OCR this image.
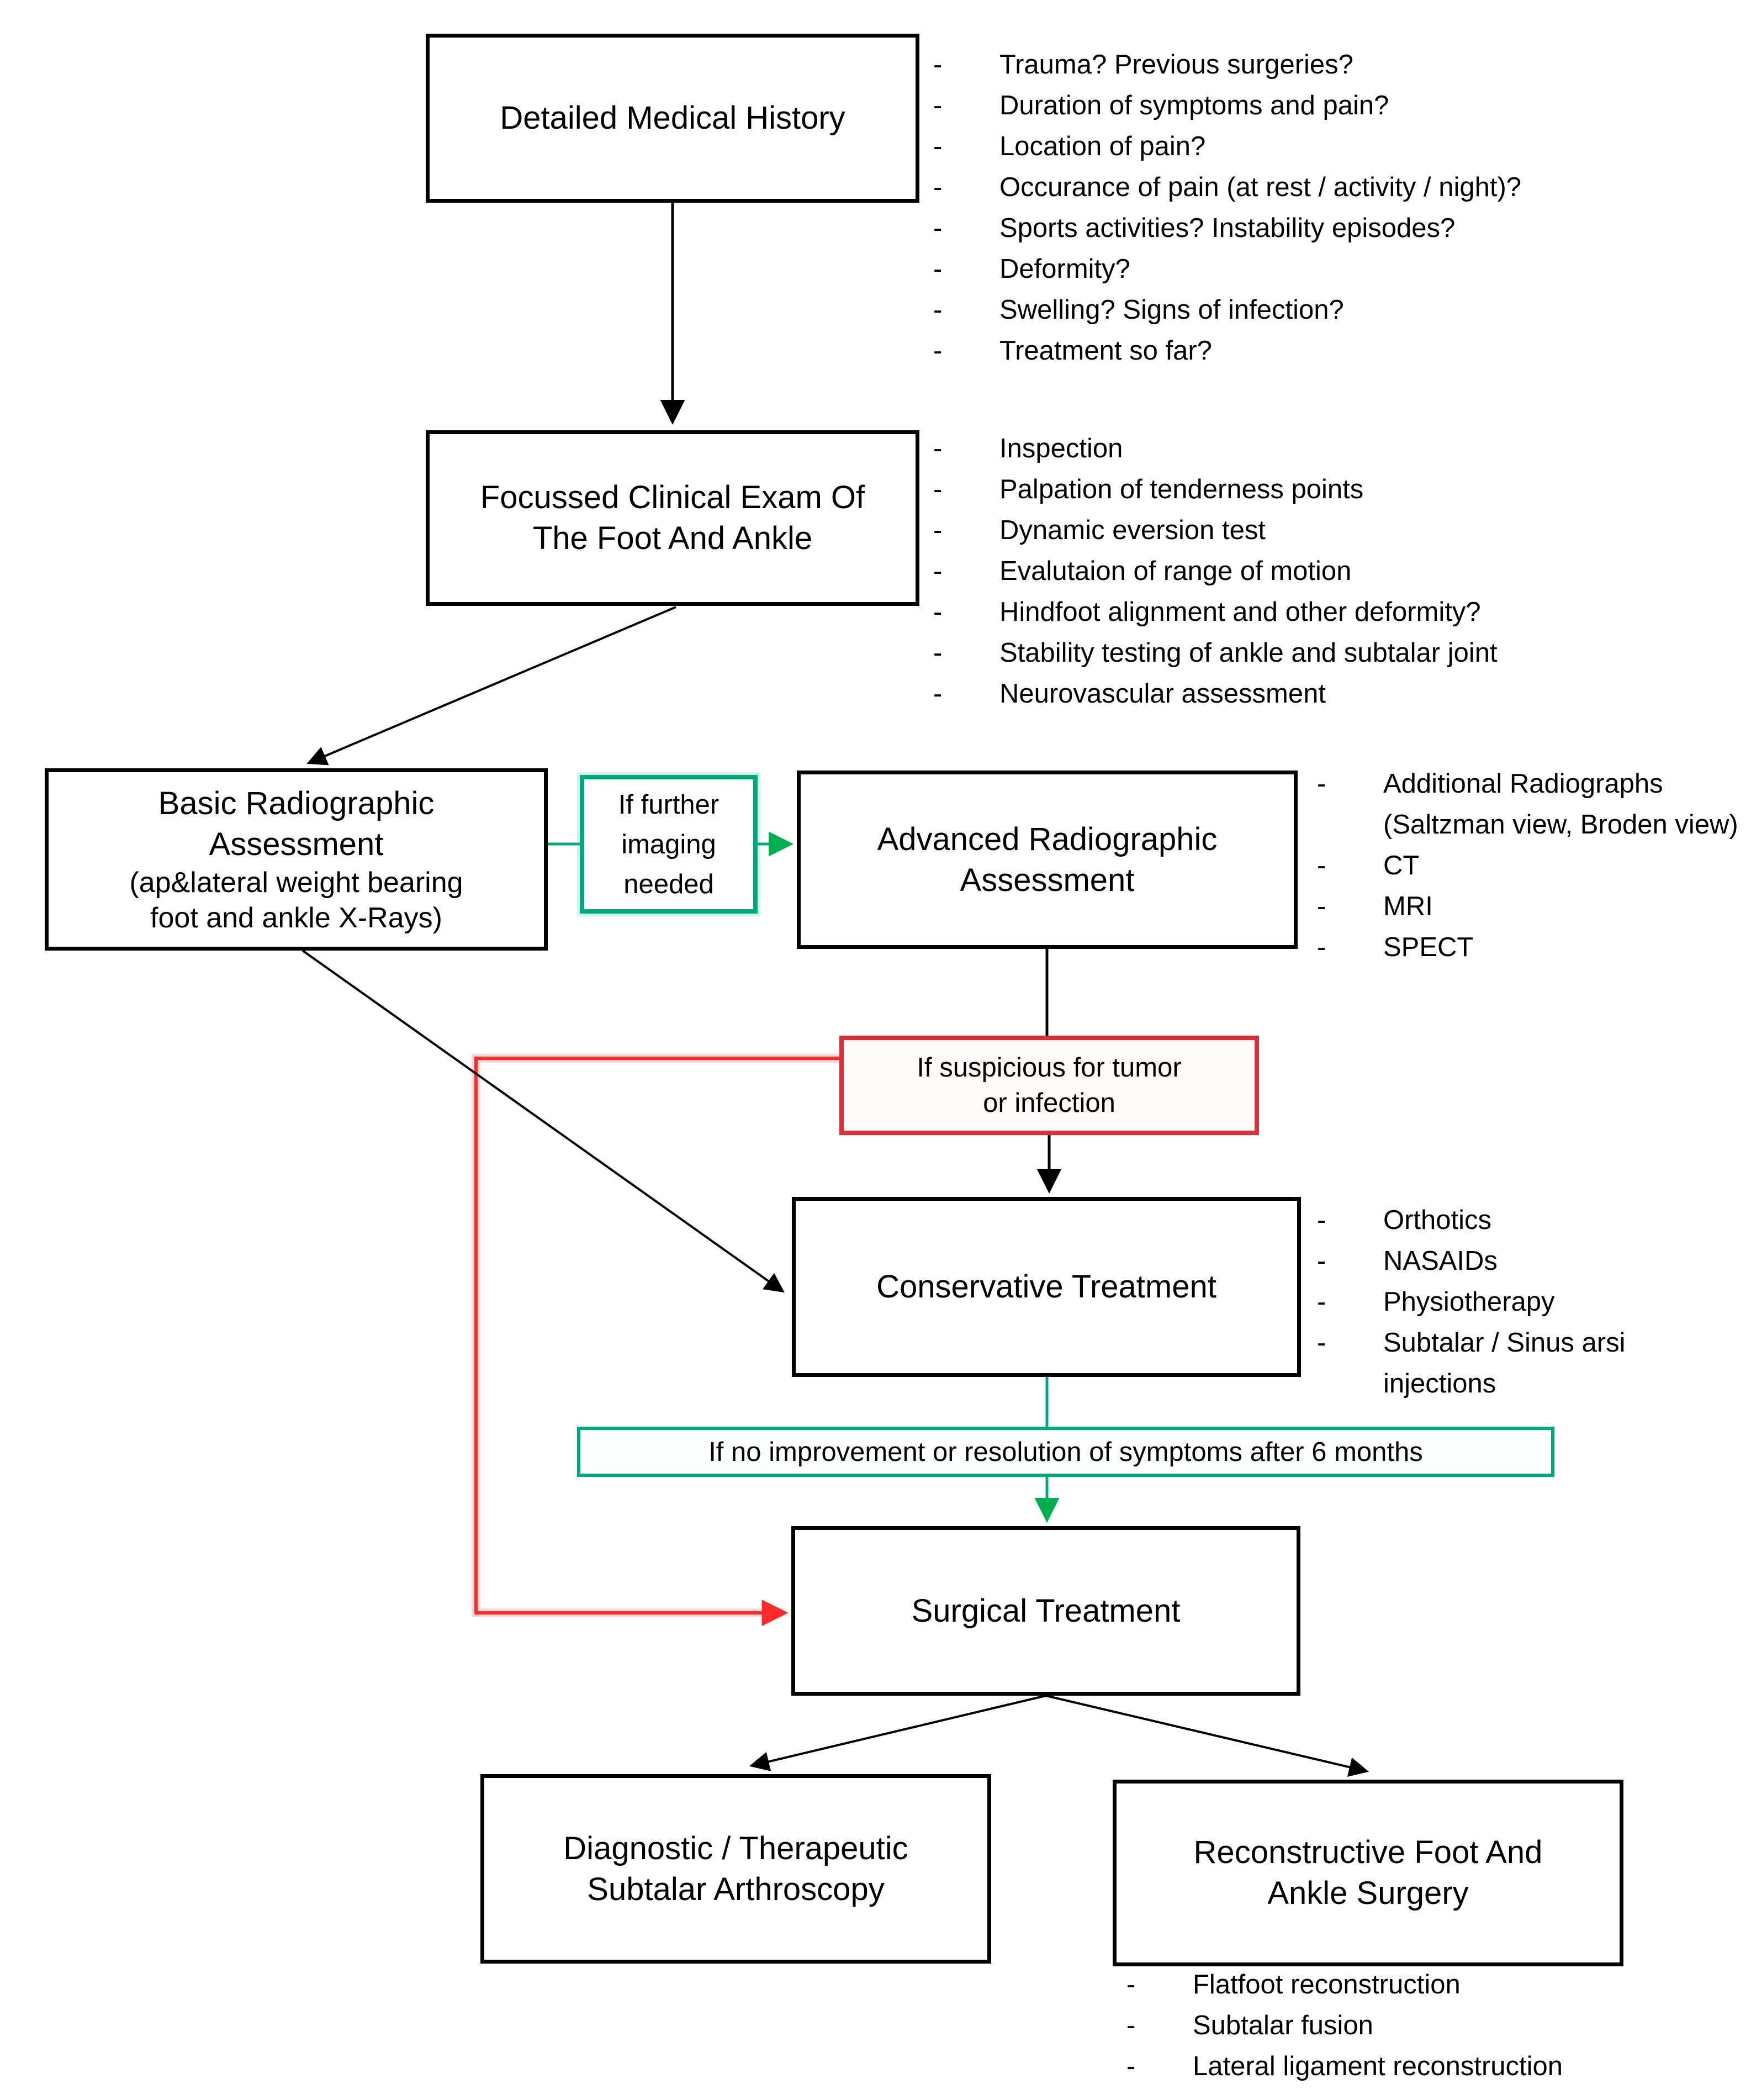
Detailed Medical History
Focussed Clinical Exam Of
The Foot And Ankle
Basic Radiographic
Assessment
(ap&lateral weight bearing
foot and ankle X-Rays)
If further
imaging
needed
Advanced Radiographic
Assessment
If suspicious for tumor
or infection
Conservative Treatment
If no improvement or resolution of symptoms after 6 months
Surgical Treatment
Diagnostic / Therapeutic
Subtalar Arthroscopy
Reconstructive Foot And
Ankle Surgery
- Trauma? Previous surgeries?
- Duration of symptoms and pain?
- Location of pain?
- Occurance of pain (at rest / activity / night)?
- Sports activities? Instability episodes?
- Deformity?
- Swelling? Signs of infection?
- Treatment so far?
- Inspection
- Palpation of tenderness points
- Dynamic eversion test
- Evalutaion of range of motion
- Hindfoot alignment and other deformity?
- Stability testing of ankle and subtalar joint
- Neurovascular assessment
- Additional Radiographs (Saltzman view, Broden view)
- CT
- MRI
- SPECT
- Orthotics
- NASAIDs
- Physiotherapy
- Subtalar / Sinus arsi injections
- Flatfoot reconstruction
- Subtalar fusion
- Lateral ligament reconstruction
